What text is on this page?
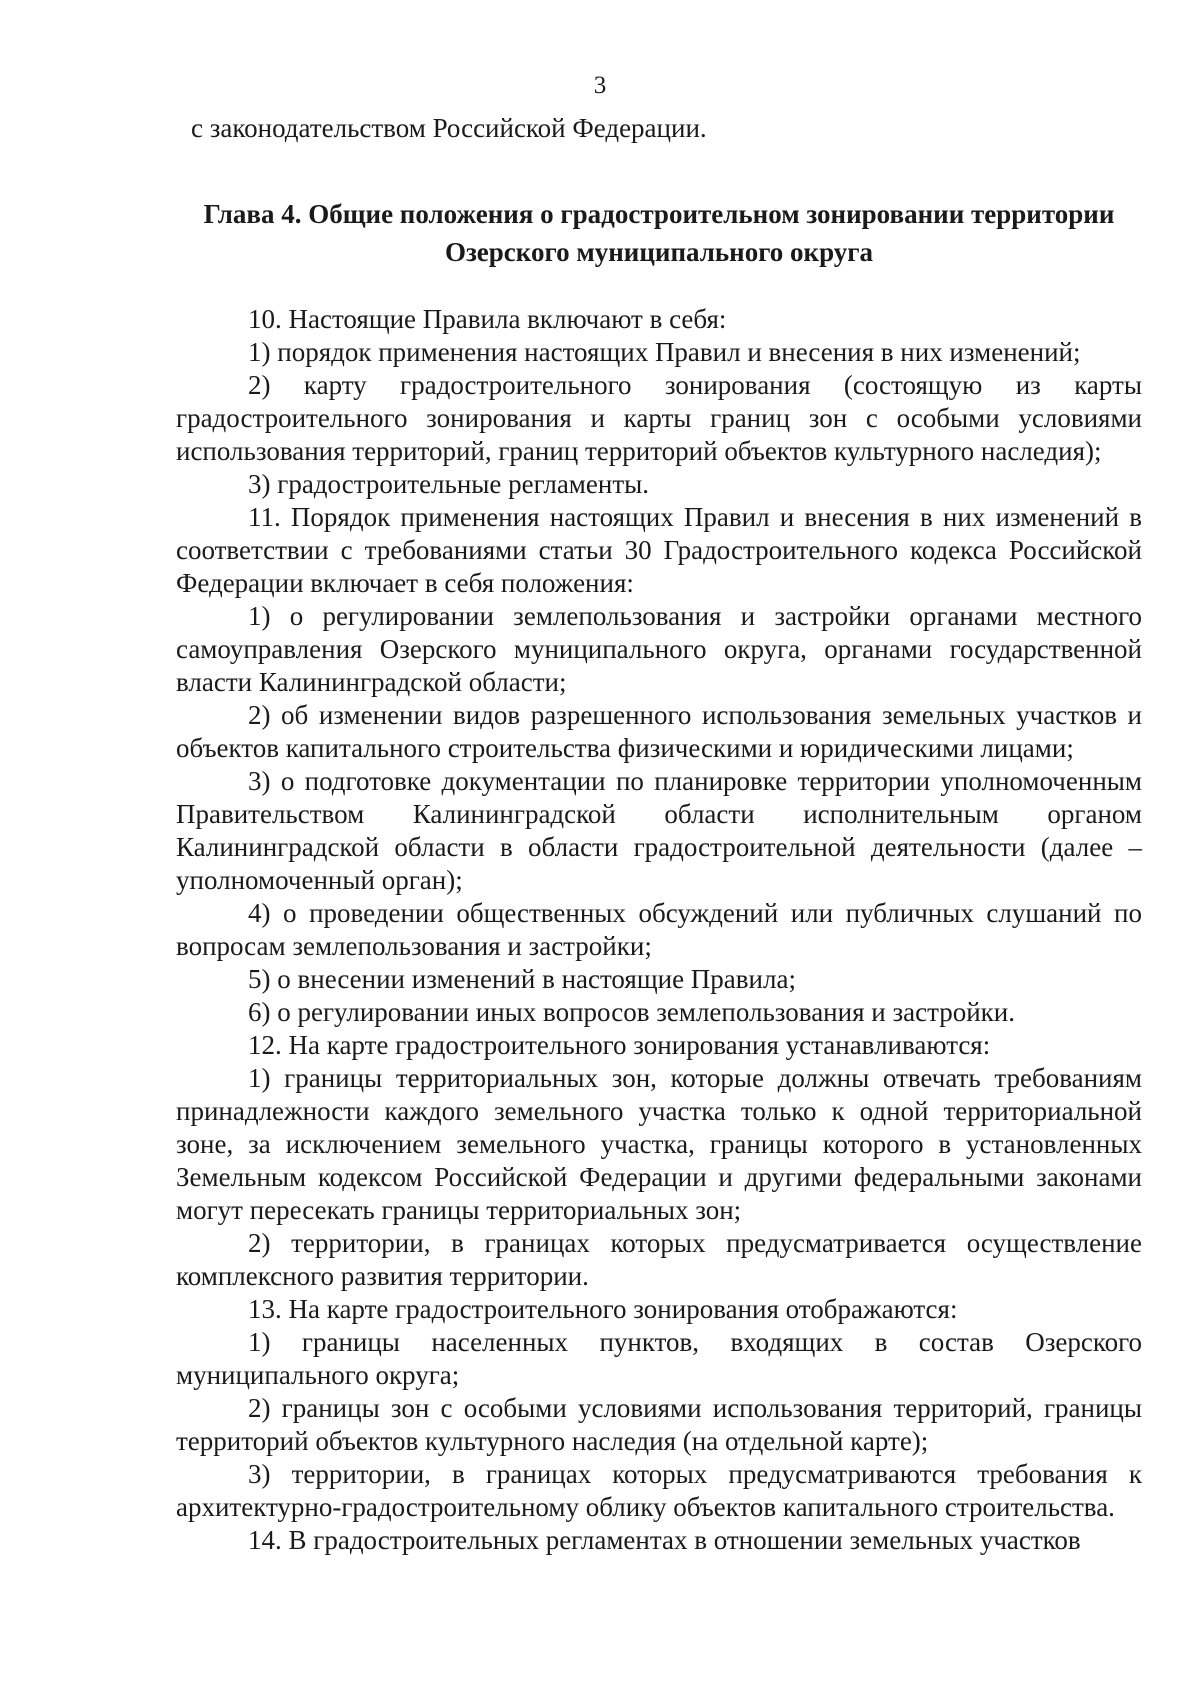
3

с законодательством Российской Федерации.

Глава 4. Общие положения о градостроительном зонировании территории
Озерского муниципального округа

10. Настоящие Правила включают в себя:

1) порядок применения настоящих Правил и внесения в них изменений;

2) карту градостроительного зонирования (состоящую из карты градостроительного зонирования и карты границ зон с особыми условиями использования территорий, границ территорий объектов культурного наследия);

3) градостроительные регламенты.

11. Порядок применения настоящих Правил и внесения в них изменений в соответствии с требованиями статьи 30 Градостроительного кодекса Российской Федерации включает в себя положения:

1) о регулировании землепользования и застройки органами местного самоуправления Озерского муниципального округа, органами государственной власти Калининградской области;

2) об изменении видов разрешенного использования земельных участков и объектов капитального строительства физическими и юридическими лицами;

3) о подготовке документации по планировке территории уполномоченным Правительством Калининградской области исполнительным органом Калининградской области в области градостроительной деятельности (далее – уполномоченный орган);

4) о проведении общественных обсуждений или публичных слушаний по вопросам землепользования и застройки;

5) о внесении изменений в настоящие Правила;

6) о регулировании иных вопросов землепользования и застройки.

12. На карте градостроительного зонирования устанавливаются:

1) границы территориальных зон, которые должны отвечать требованиям принадлежности каждого земельного участка только к одной территориальной зоне, за исключением земельного участка, границы которого в установленных Земельным кодексом Российской Федерации и другими федеральными законами могут пересекать границы территориальных зон;

2) территории, в границах которых предусматривается осуществление комплексного развития территории.

13. На карте градостроительного зонирования отображаются:

1) границы населенных пунктов, входящих в состав Озерского муниципального округа;

2) границы зон с особыми условиями использования территорий, границы территорий объектов культурного наследия (на отдельной карте);

3) территории, в границах которых предусматриваются требования к архитектурно-градостроительному облику объектов капитального строительства.

14. В градостроительных регламентах в отношении земельных участков
